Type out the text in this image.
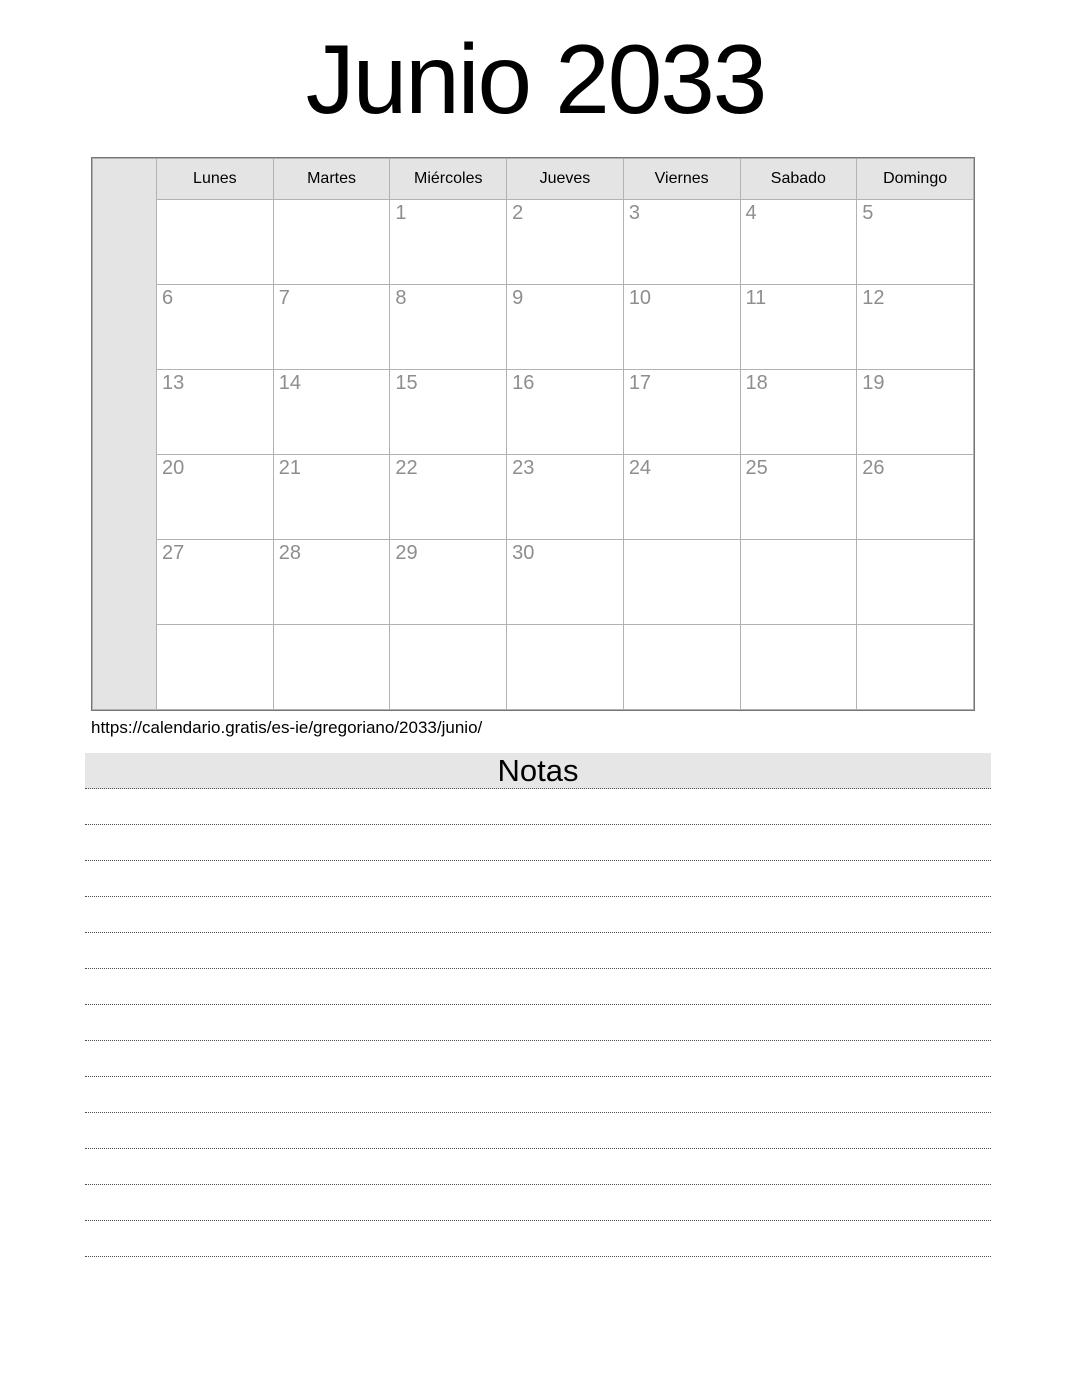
Junio 2033
	Lunes	Martes	Miércoles	Jueves	Viernes	Sabado	Domingo
			1	2	3	4	5
	6	7	8	9	10	11	12
	13	14	15	16	17	18	19
	20	21	22	23	24	25	26
	27	28	29	30			

https://calendario.gratis/es-ie/gregoriano/2033/junio/

Notas
